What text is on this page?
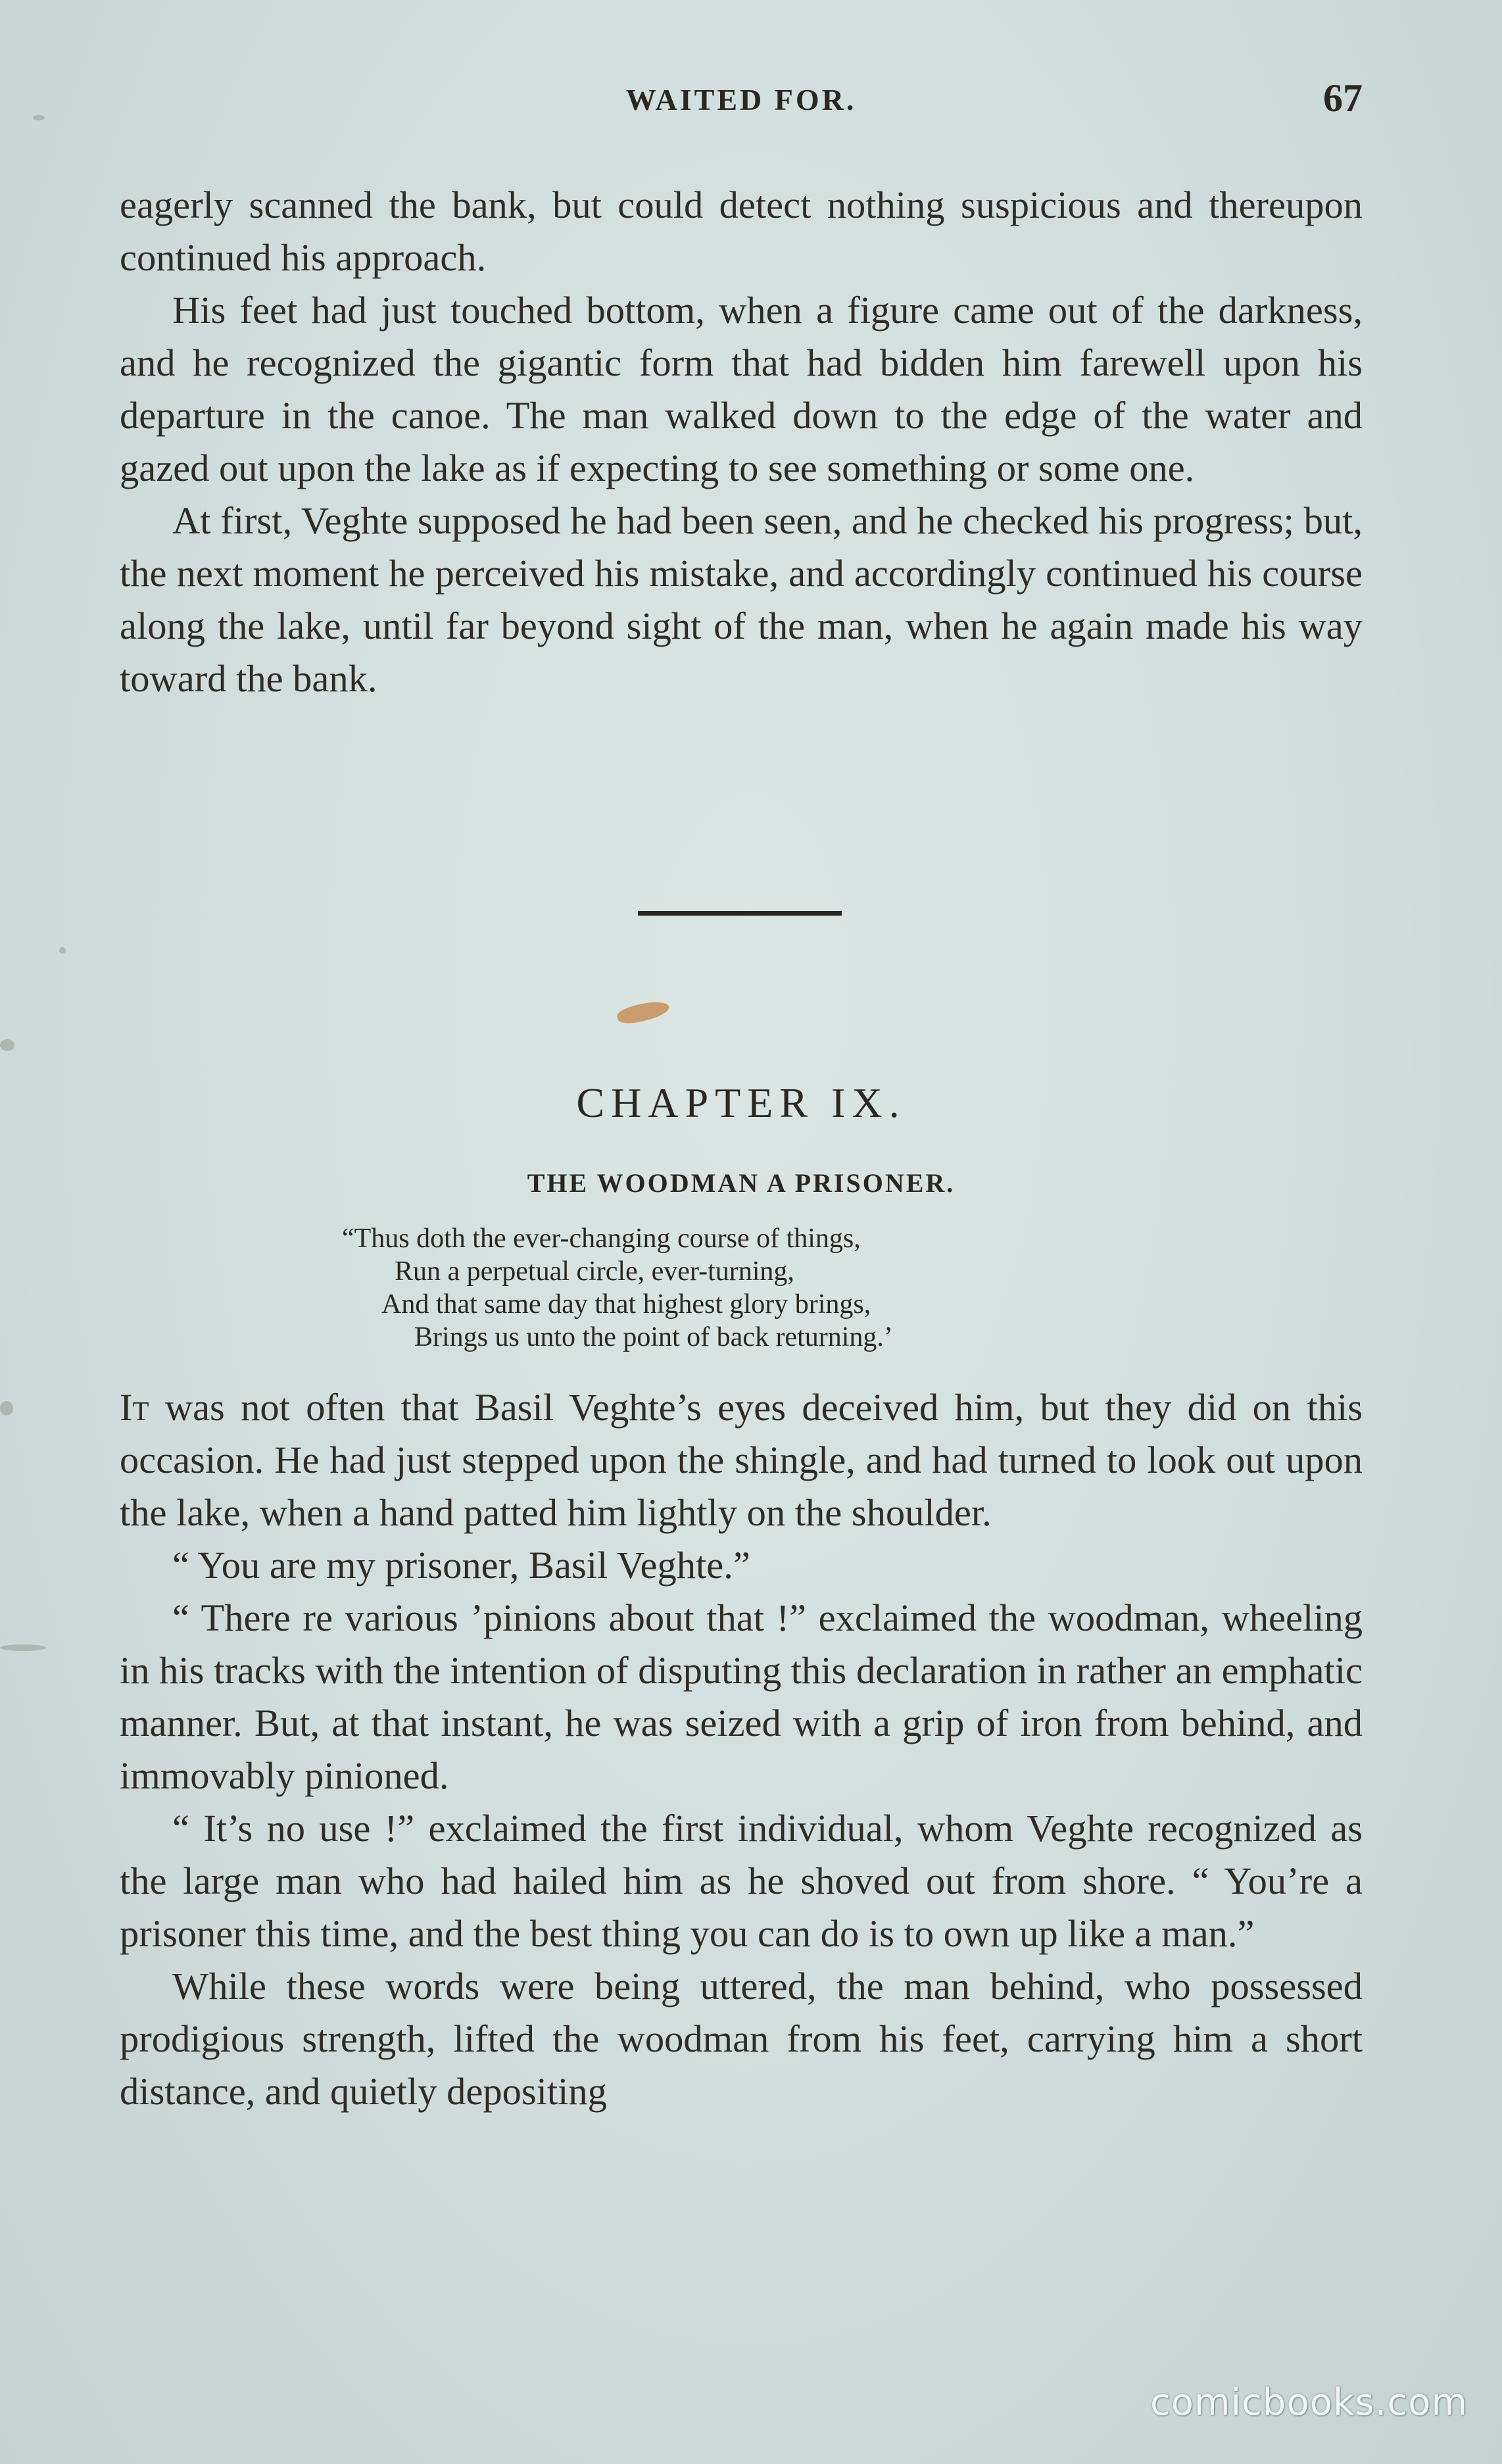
WAITED FOR.	67

eagerly scanned the bank, but could detect nothing suspicious and thereupon continued his approach.

His feet had just touched bottom, when a figure came out of the darkness, and he recognized the gigantic form that had bidden him farewell upon his departure in the canoe. The man walked down to the edge of the water and gazed out upon the lake as if expecting to see something or some one.

At first, Veghte supposed he had been seen, and he checked his progress; but, the next moment he perceived his mistake, and accordingly continued his course along the lake, until far beyond sight of the man, when he again made his way toward the bank.

CHAPTER IX.
THE WOODMAN A PRISONER.
“Thus doth the ever-changing course of things,
Run a perpetual circle, ever-turning,
And that same day that highest glory brings,
Brings us unto the point of back returning.’

It was not often that Basil Veghte’s eyes deceived him, but they did on this occasion. He had just stepped upon the shingle, and had turned to look out upon the lake, when a hand patted him lightly on the shoulder.

“ You are my prisoner, Basil Veghte.”

“ There re various ’pinions about that !” exclaimed the woodman, wheeling in his tracks with the intention of disputing this declaration in rather an emphatic manner. But, at that instant, he was seized with a grip of iron from behind, and immovably pinioned.

“ It’s no use !” exclaimed the first individual, whom Veghte recognized as the large man who had hailed him as he shoved out from shore. “ You’re a prisoner this time, and the best thing you can do is to own up like a man.”

While these words were being uttered, the man behind, who possessed prodigious strength, lifted the woodman from his feet, carrying him a short distance, and quietly depositing

comicbooks.com
